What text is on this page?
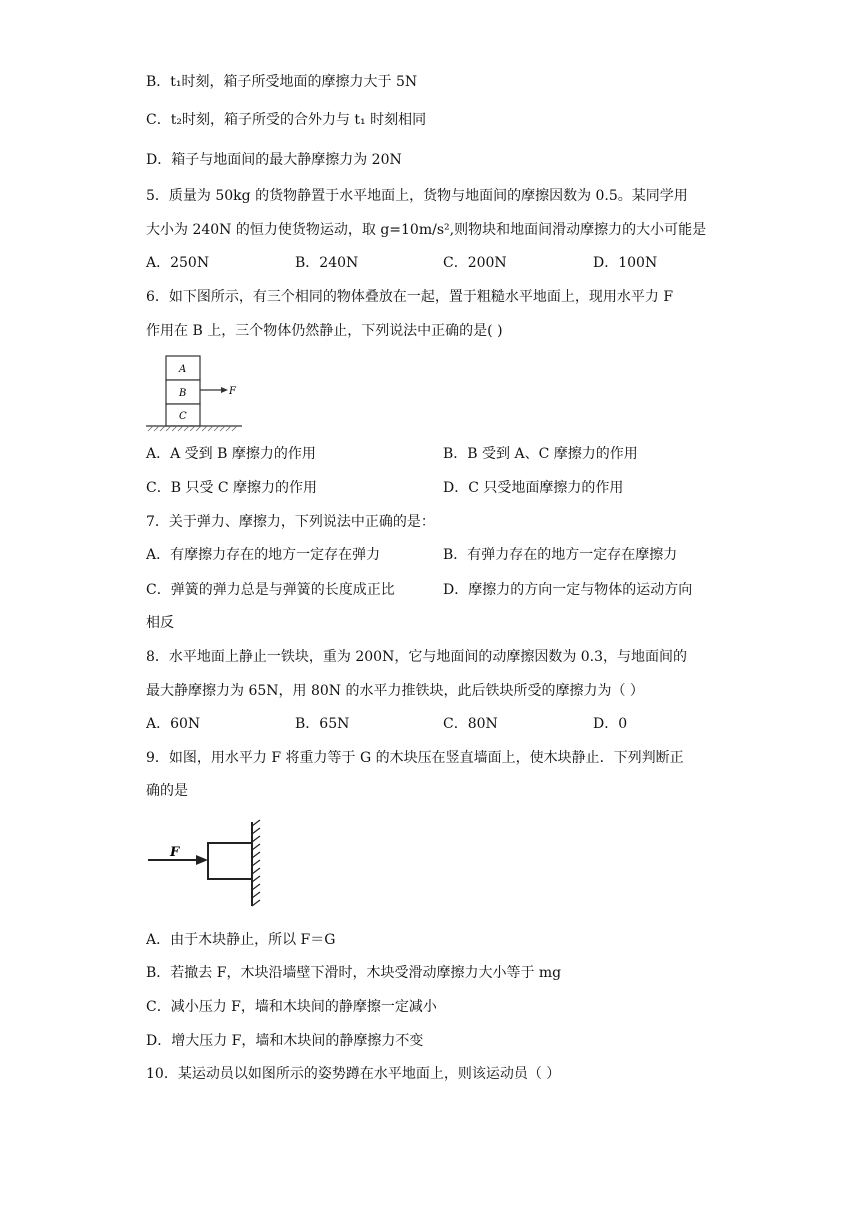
B．t₁时刻，箱子所受地面的摩擦力大于 5N
C．t₂时刻，箱子所受的合外力与 t₁ 时刻相同
D．箱子与地面间的最大静摩擦力为 20N
5．质量为 50kg 的货物静置于水平地面上，货物与地面间的摩擦因数为 0.5。某同学用
大小为 240N 的恒力使货物运动，取 g=10m/s²,则物块和地面间滑动摩擦力的大小可能是
A．250N	B．240N	C．200N	D．100N
6．如下图所示，有三个相同的物体叠放在一起，置于粗糙水平地面上，现用水平力 F
作用在 B 上，三个物体仍然静止，下列说法中正确的是( )
A
B
C
F
A．A 受到 B 摩擦力的作用	B．B 受到 A、C 摩擦力的作用
C．B 只受 C 摩擦力的作用	D．C 只受地面摩擦力的作用
7．关于弹力、摩擦力，下列说法中正确的是：
A．有摩擦力存在的地方一定存在弹力	B．有弹力存在的地方一定存在摩擦力
C．弹簧的弹力总是与弹簧的长度成正比	D．摩擦力的方向一定与物体的运动方向
相反
8．水平地面上静止一铁块，重为 200N，它与地面间的动摩擦因数为 0.3，与地面间的
最大静摩擦力为 65N，用 80N 的水平力推铁块，此后铁块所受的摩擦力为（ ）
A．60N	B．65N	C．80N	D．0
9．如图，用水平力 F 将重力等于 G 的木块压在竖直墙面上，使木块静止．下列判断正
确的是
F
A．由于木块静止，所以 F＝G
B．若撤去 F，木块沿墙壁下滑时，木块受滑动摩擦力大小等于 mg
C．减小压力 F，墙和木块间的静摩擦一定减小
D．增大压力 F，墙和木块间的静摩擦力不变
10．某运动员以如图所示的姿势蹲在水平地面上，则该运动员（ ）
